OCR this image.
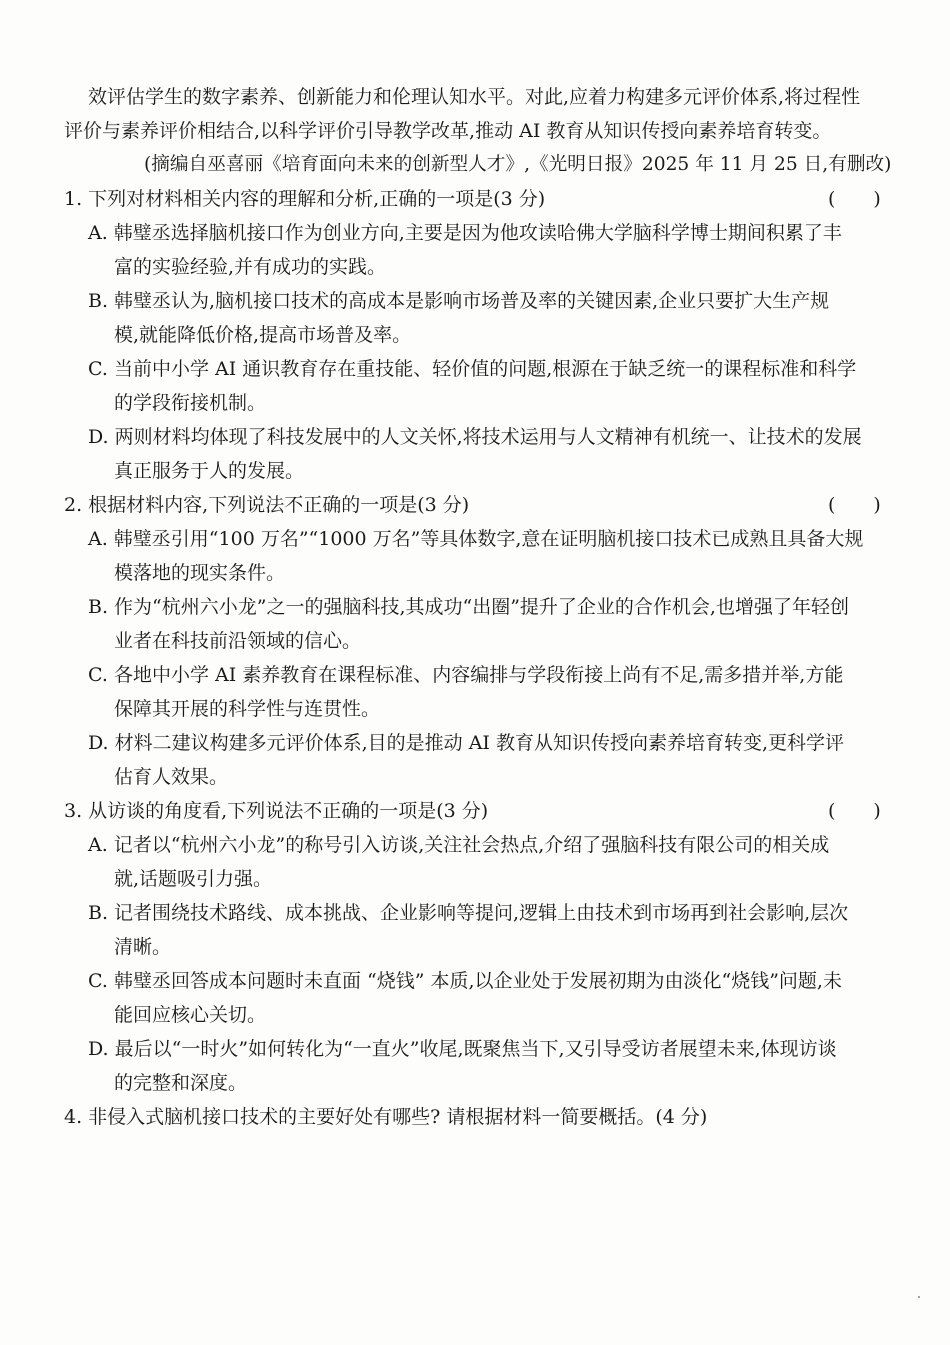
效评估学生的数字素养、创新能力和伦理认知水平。对此,应着力构建多元评价体系,将过程性

评价与素养评价相结合,以科学评价引导教学改革,推动 AI 教育从知识传授向素养培育转变。

(摘编自巫喜丽《培育面向未来的创新型人才》,《光明日报》2025 年 11 月 25 日,有删改)

1. 下列对材料相关内容的理解和分析,正确的一项是(3 分)	(　　)

A. 韩璧丞选择脑机接口作为创业方向,主要是因为他攻读哈佛大学脑科学博士期间积累了丰

富的实验经验,并有成功的实践。

B. 韩璧丞认为,脑机接口技术的高成本是影响市场普及率的关键因素,企业只要扩大生产规

模,就能降低价格,提高市场普及率。

C. 当前中小学 AI 通识教育存在重技能、轻价值的问题,根源在于缺乏统一的课程标准和科学

的学段衔接机制。

D. 两则材料均体现了科技发展中的人文关怀,将技术运用与人文精神有机统一、让技术的发展

真正服务于人的发展。

2. 根据材料内容,下列说法不正确的一项是(3 分)	(　　)

A. 韩璧丞引用“100 万名”“1000 万名”等具体数字,意在证明脑机接口技术已成熟且具备大规

模落地的现实条件。

B. 作为“杭州六小龙”之一的强脑科技,其成功“出圈”提升了企业的合作机会,也增强了年轻创

业者在科技前沿领域的信心。

C. 各地中小学 AI 素养教育在课程标准、内容编排与学段衔接上尚有不足,需多措并举,方能

保障其开展的科学性与连贯性。

D. 材料二建议构建多元评价体系,目的是推动 AI 教育从知识传授向素养培育转变,更科学评

估育人效果。

3. 从访谈的角度看,下列说法不正确的一项是(3 分)	(　　)

A. 记者以“杭州六小龙”的称号引入访谈,关注社会热点,介绍了强脑科技有限公司的相关成

就,话题吸引力强。

B. 记者围绕技术路线、成本挑战、企业影响等提问,逻辑上由技术到市场再到社会影响,层次

清晰。

C. 韩璧丞回答成本问题时未直面 “烧钱” 本质,以企业处于发展初期为由淡化“烧钱”问题,未

能回应核心关切。

D. 最后以“一时火”如何转化为“一直火”收尾,既聚焦当下,又引导受访者展望未来,体现访谈

的完整和深度。

4. 非侵入式脑机接口技术的主要好处有哪些? 请根据材料一简要概括。(4 分)
